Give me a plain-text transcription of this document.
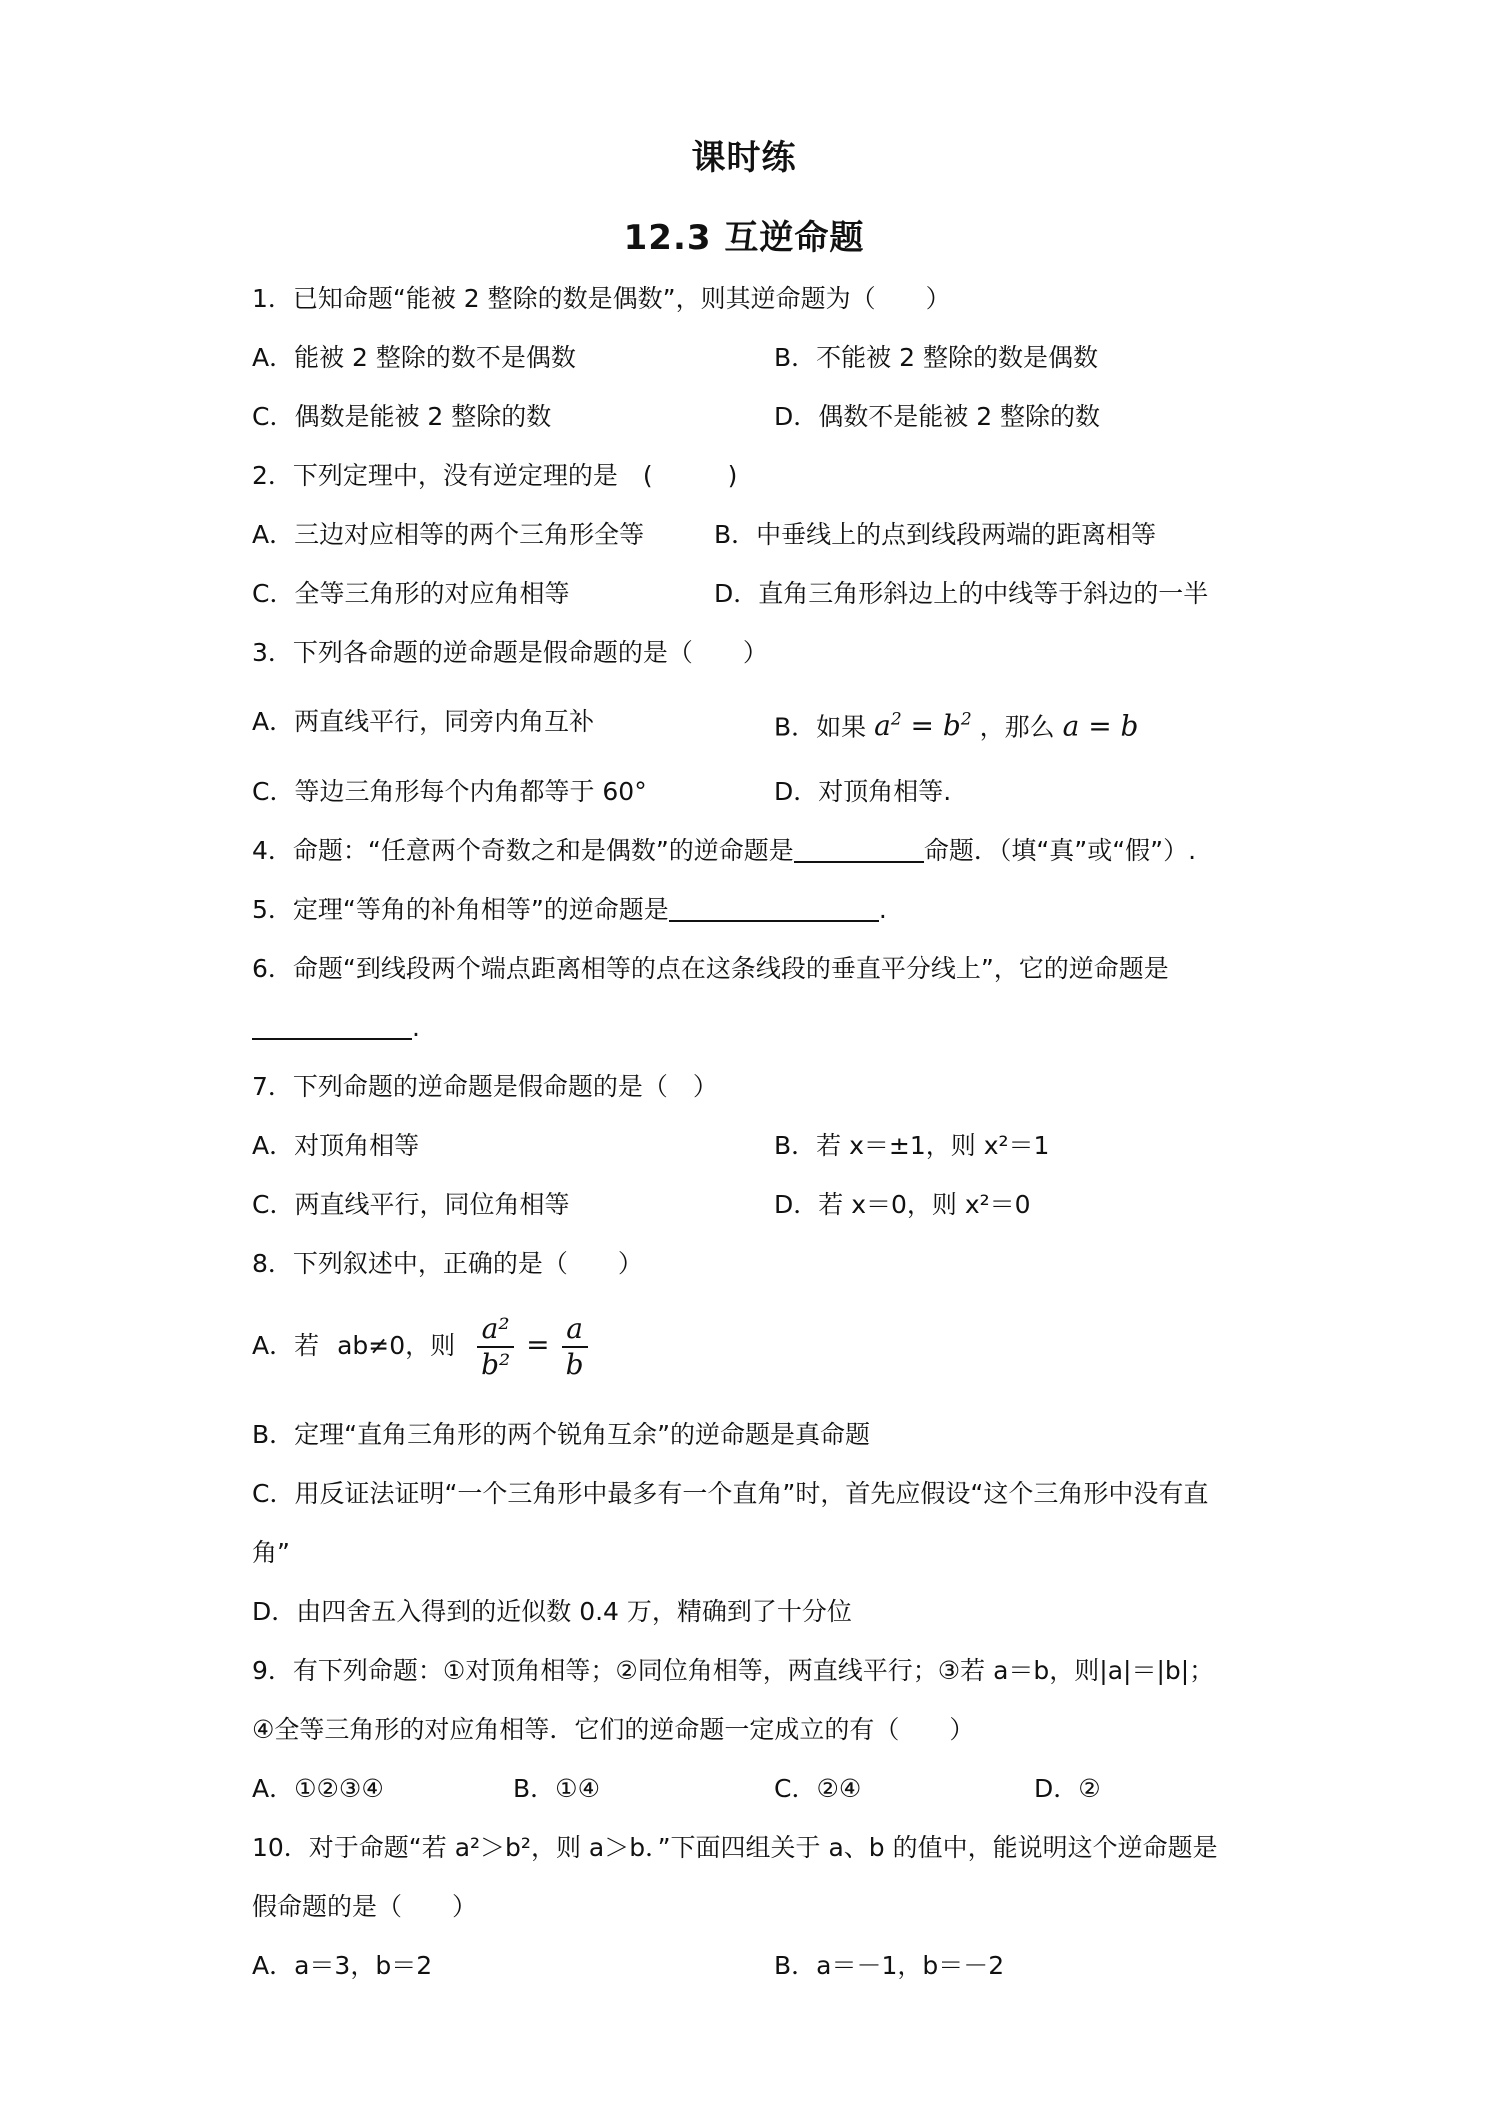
课时练
12.3 互逆命题
1．已知命题“能被 2 整除的数是偶数”，则其逆命题为（　　）
A．能被 2 整除的数不是偶数	B．不能被 2 整除的数是偶数
C．偶数是能被 2 整除的数	D．偶数不是能被 2 整除的数
2．下列定理中，没有逆定理的是　(　　　)
A．三边对应相等的两个三角形全等	B．中垂线上的点到线段两端的距离相等
C．全等三角形的对应角相等	D．直角三角形斜边上的中线等于斜边的一半
3．下列各命题的逆命题是假命题的是（　　）
A．两直线平行，同旁内角互补	B．如果 $a^2 = b^2$ ，那么 a = b
C．等边三角形每个内角都等于 60°	D．对顶角相等.
4．命题：“任意两个奇数之和是偶数”的逆命题是	命题．（填“真”或“假”）.
5．定理“等角的补角相等”的逆命题是	.
6．命题“到线段两个端点距离相等的点在这条线段的垂直平分线上”，它的逆命题是
.
7．下列命题的逆命题是假命题的是（　）
A．对顶角相等	B．若 x＝±1，则 x²＝1
C．两直线平行，同位角相等	D．若 x＝0，则 x²＝0
8．下列叙述中，正确的是（　　）
A．若 ab≠0，则 $\frac{\text{a²}}{\text{b²}} = \frac{a}{b}$
B．定理“直角三角形的两个锐角互余”的逆命题是真命题
C．用反证法证明“一个三角形中最多有一个直角”时，首先应假设“这个三角形中没有直
角”
D．由四舍五入得到的近似数 0.4 万，精确到了十分位
9．有下列命题：①对顶角相等；②同位角相等，两直线平行；③若 a＝b，则|a|＝|b|；
④全等三角形的对应角相等．它们的逆命题一定成立的有（　　）
A．①②③④	B．①④	C．②④	D．②
10．对于命题“若 a²＞b²，则 a＞b．”下面四组关于 a、b 的值中，能说明这个逆命题是
假命题的是（　　）
A．a＝3，b＝2	B．a＝－1，b＝－2
